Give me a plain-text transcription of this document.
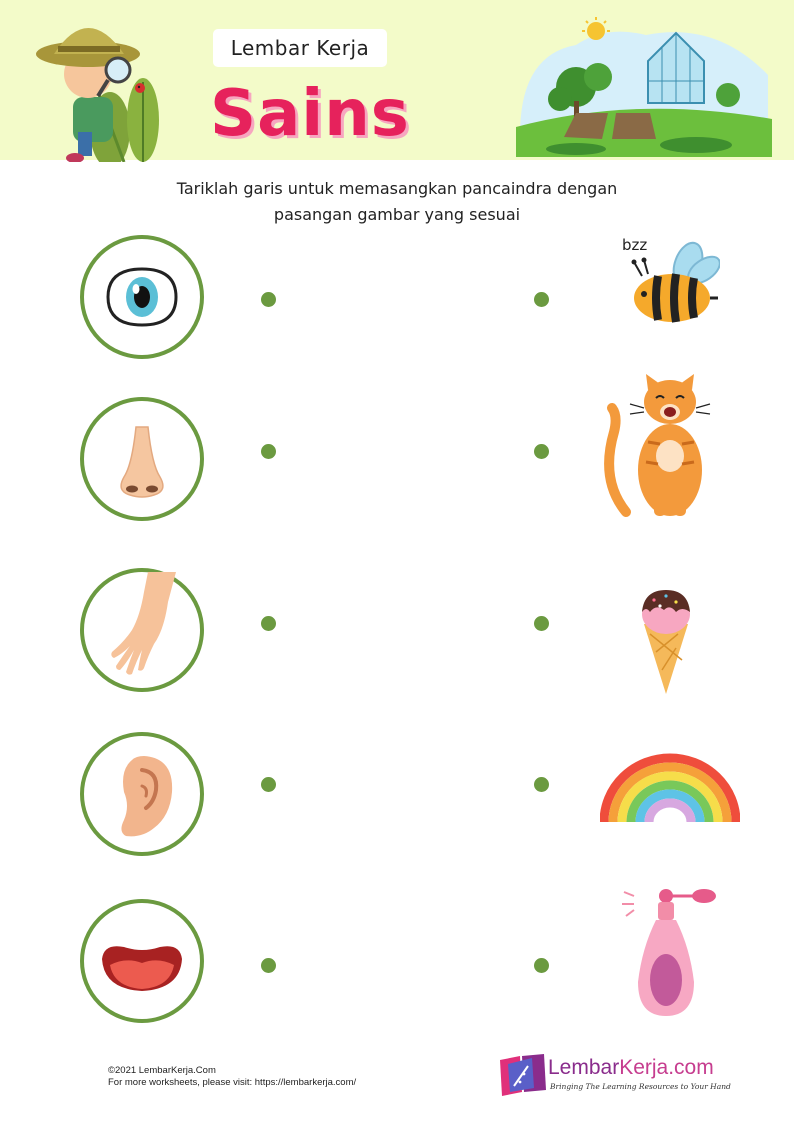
Lembar Kerja
Sains
Tariklah garis untuk memasangkan pancaindra dengan
pasangan gambar yang sesuai
bzz
©2021 LembarKerja.Com
For more worksheets, please visit: https://lembarkerja.com/
LembarKerja.com
Bringing The Learning Resources to Your Hand
